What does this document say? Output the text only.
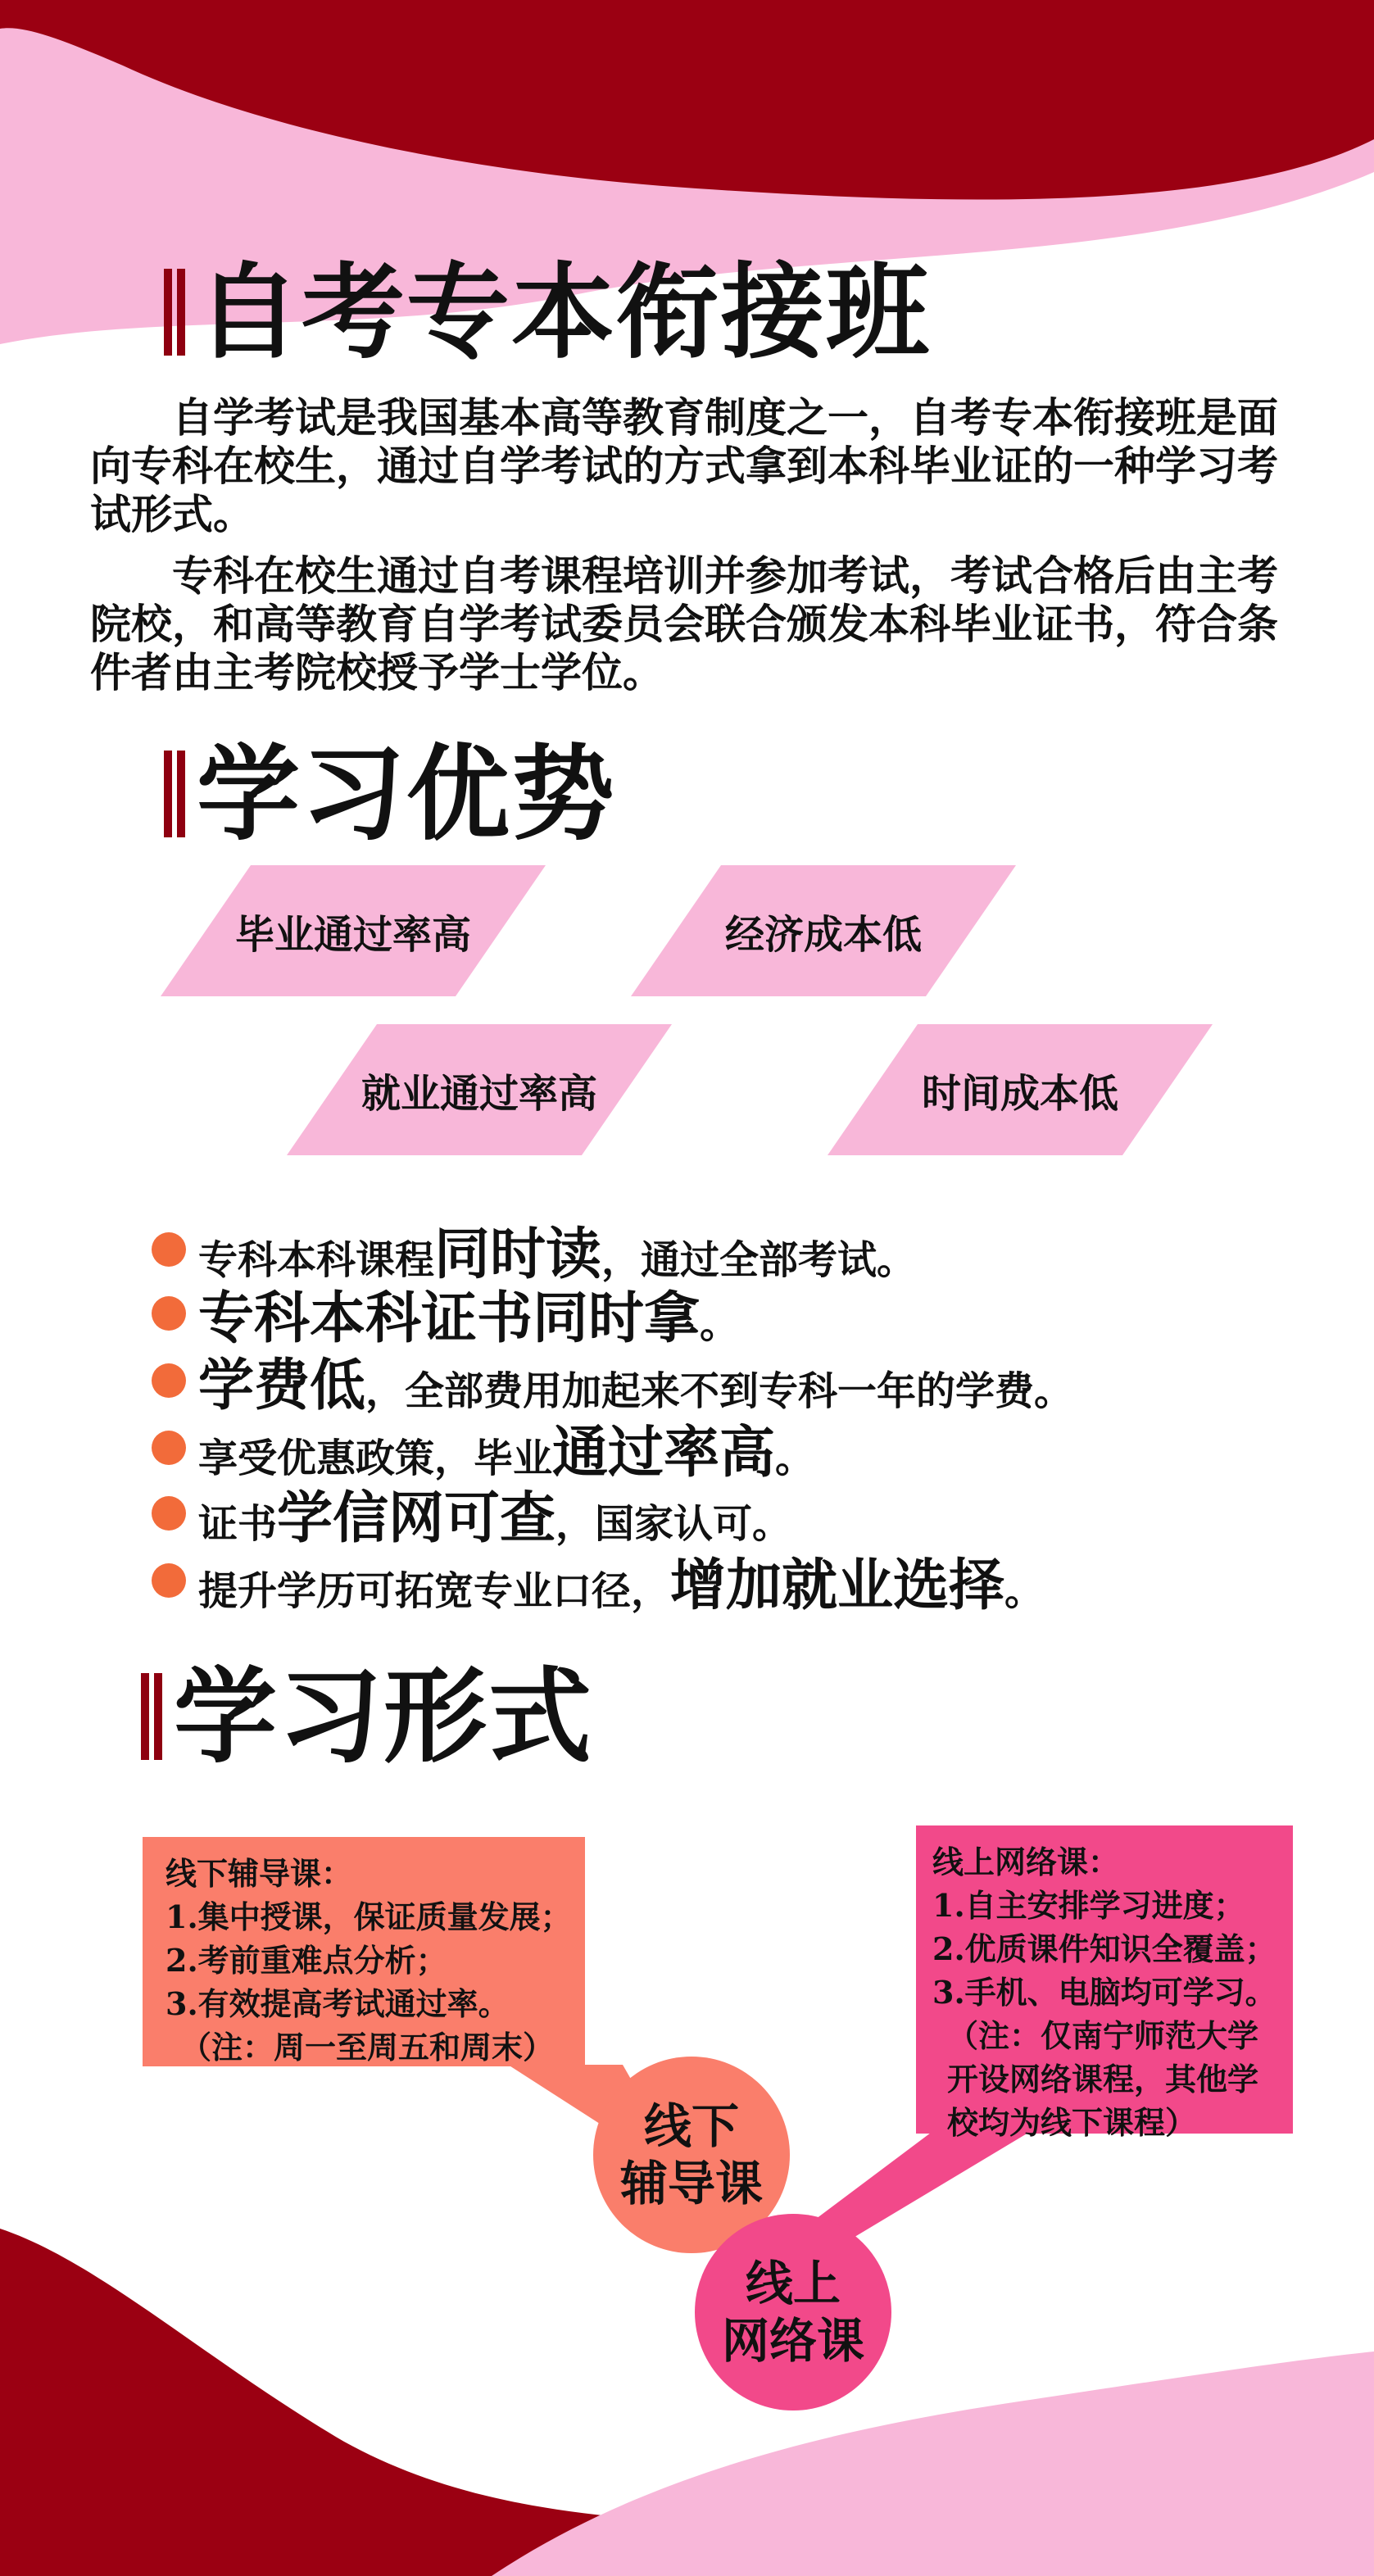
自考专本衔接班

自学考试是我国基本高等教育制度之一，自考专本衔接班是面向专科在校生，通过自学考试的方式拿到本科毕业证的一种学习考试形式。

专科在校生通过自考课程培训并参加考试，考试合格后由主考院校，和高等教育自学考试委员会联合颁发本科毕业证书，符合条件者由主考院校授予学士学位。

学习优势
毕业通过率高	经济成本低
就业通过率高	时间成本低
专科本科课程同时读，通过全部考试。
专科本科证书同时拿。
学费低，全部费用加起来不到专科一年的学费。
享受优惠政策，毕业通过率高。
证书学信网可查，国家认可。
提升学历可拓宽专业口径，增加就业选择。
学习形式
线下辅导课：
1.集中授课，保证质量发展；
2.考前重难点分析；
3.有效提高考试通过率。
（注：周一至周五和周末）
线上网络课：
1.自主安排学习进度；
2.优质课件知识全覆盖；
3.手机、电脑均可学习。
（注：仅南宁师范大学
开设网络课程，其他学
校均为线下课程）
线下
辅导课
线上
网络课
